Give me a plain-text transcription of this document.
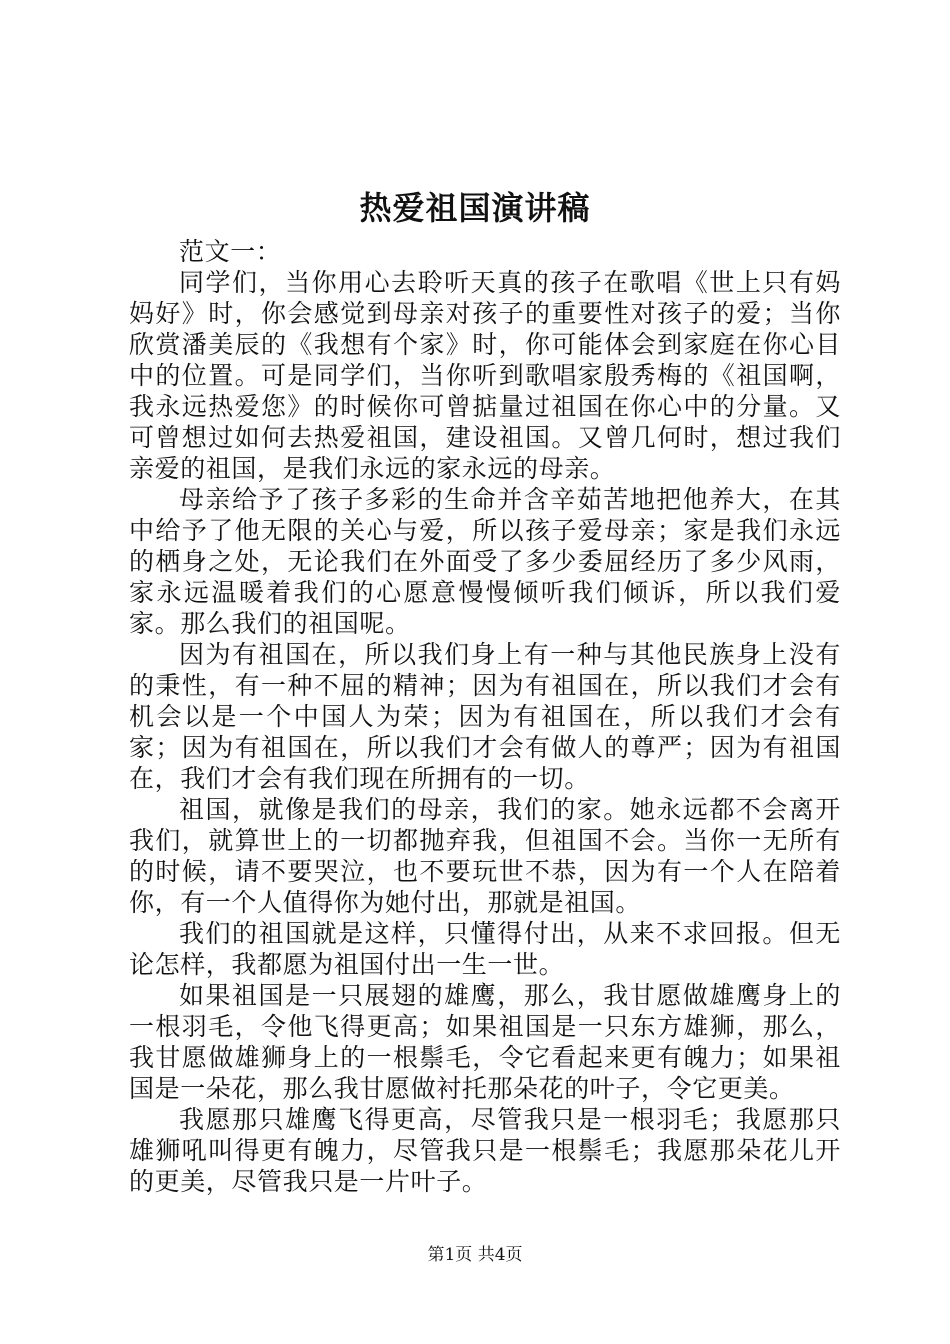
热爱祖国演讲稿

范文一：

同学们，当你用心去聆听天真的孩子在歌唱《世上只有妈妈好》时，你会感觉到母亲对孩子的重要性对孩子的爱；当你欣赏潘美辰的《我想有个家》时，你可能体会到家庭在你心目中的位置。可是同学们，当你听到歌唱家殷秀梅的《祖国啊，我永远热爱您》的时候你可曾掂量过祖国在你心中的分量。又可曾想过如何去热爱祖国，建设祖国。又曾几何时，想过我们亲爱的祖国，是我们永远的家永远的母亲。

母亲给予了孩子多彩的生命并含辛茹苦地把他养大，在其中给予了他无限的关心与爱，所以孩子爱母亲；家是我们永远的栖身之处，无论我们在外面受了多少委屈经历了多少风雨，家永远温暖着我们的心愿意慢慢倾听我们倾诉，所以我们爱家。那么我们的祖国呢。

因为有祖国在，所以我们身上有一种与其他民族身上没有的秉性，有一种不屈的精神；因为有祖国在，所以我们才会有机会以是一个中国人为荣；因为有祖国在，所以我们才会有家；因为有祖国在，所以我们才会有做人的尊严；因为有祖国在，我们才会有我们现在所拥有的一切。

祖国，就像是我们的母亲，我们的家。她永远都不会离开我们，就算世上的一切都抛弃我，但祖国不会。当你一无所有的时候，请不要哭泣，也不要玩世不恭，因为有一个人在陪着你，有一个人值得你为她付出，那就是祖国。

我们的祖国就是这样，只懂得付出，从来不求回报。但无论怎样，我都愿为祖国付出一生一世。

如果祖国是一只展翅的雄鹰，那么，我甘愿做雄鹰身上的一根羽毛，令他飞得更高；如果祖国是一只东方雄狮，那么，我甘愿做雄狮身上的一根鬃毛，令它看起来更有魄力；如果祖国是一朵花，那么我甘愿做衬托那朵花的叶子，令它更美。

我愿那只雄鹰飞得更高，尽管我只是一根羽毛；我愿那只雄狮吼叫得更有魄力，尽管我只是一根鬃毛；我愿那朵花儿开的更美，尽管我只是一片叶子。

第1页 共4页
